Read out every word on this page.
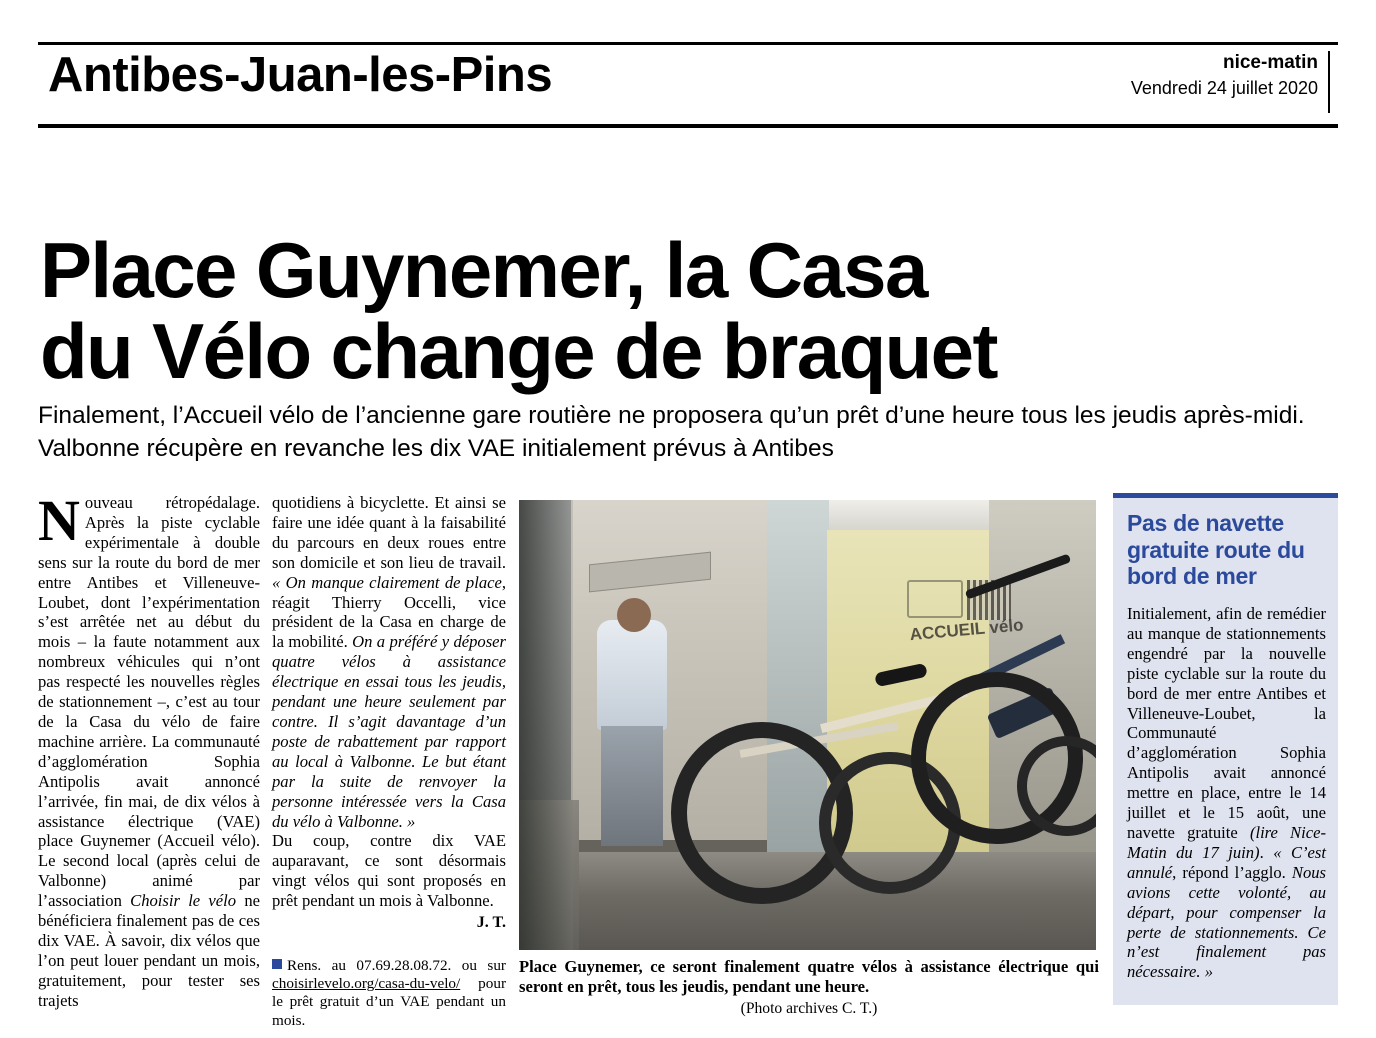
Antibes-Juan-les-Pins	nice-matin
Vendredi 24 juillet 2020
Place Guynemer, la Casa
du Vélo change de braquet
Finalement, l’Accueil vélo de l’ancienne gare routière ne proposera qu’un prêt d’une heure tous les jeudis après-midi. Valbonne récupère en revanche les dix VAE initialement prévus à Antibes

Nouveau rétropédalage. Après la piste cyclable expérimentale à double sens sur la route du bord de mer entre Antibes et Villeneuve-Loubet, dont l’expérimentation s’est arrêtée net au début du mois – la faute notamment aux nombreux véhicules qui n’ont pas respecté les nouvelles règles de stationnement –, c’est au tour de la Casa du vélo de faire machine arrière. La communauté d’agglomération Sophia Antipolis avait annoncé l’arrivée, fin mai, de dix vélos à assistance électrique (VAE) place Guynemer (Accueil vélo). Le second local (après celui de Valbonne) animé par l’association Choisir le vélo ne bénéficiera finalement pas de ces dix VAE. À savoir, dix vélos que l’on peut louer pendant un mois, gratuitement, pour tester ses trajets

quotidiens à bicyclette. Et ainsi se faire une idée quant à la faisabilité du parcours en deux roues entre son domicile et son lieu de travail. « On manque clairement de place, réagit Thierry Occelli, vice président de la Casa en charge de la mobilité. On a préféré y déposer quatre vélos à assistance électrique en essai tous les jeudis, pendant une heure seulement par contre. Il s’agit davantage d’un poste de rabattement par rapport au local à Valbonne. Le but étant par la suite de renvoyer la personne intéressée vers la Casa du vélo à Valbonne. »

Du coup, contre dix VAE auparavant, ce sont désormais vingt vélos qui sont proposés en prêt pendant un mois à Valbonne.

J. T.
Rens. au 07.69.28.08.72. ou sur choisirlevelo.org/casa-du-velo/ pour le prêt gratuit d’un VAE pendant un mois.
ACCUEIL vélo
Place Guynemer, ce seront finalement quatre vélos à assistance électrique qui seront en prêt, tous les jeudis, pendant une heure.
(Photo archives C. T.)
Pas de navette gratuite route du bord de mer
Initialement, afin de remédier au manque de stationnements engendré par la nouvelle piste cyclable sur la route du bord de mer entre Antibes et Villeneuve-Loubet, la Communauté d’agglomération Sophia Antipolis avait annoncé mettre en place, entre le 14 juillet et le 15 août, une navette gratuite (lire Nice-Matin du 17 juin). « C’est annulé, répond l’agglo. Nous avions cette volonté, au départ, pour compenser la perte de stationnements. Ce n’est finalement pas nécessaire. »
